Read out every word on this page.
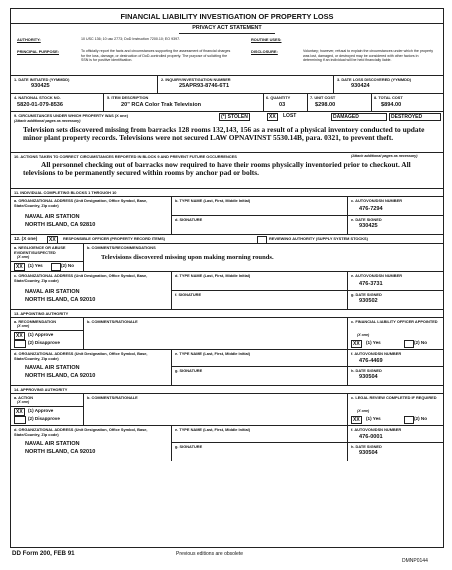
FINANCIAL LIABILITY INVESTIGATION OF PROPERTY LOSS
PRIVACY ACT STATEMENT
AUTHORITY:	10 USC 136; 10 usc 2773; DoD Instruction 7200.10; EO 9397.	ROUTINE USES:
PRINCIPAL PURPOSE:	To officially report the facts and circumstances supporting the assessment of financial charges for the loss, damage, or destruction of DoD-controlled property. The purpose of soliciting the SSN is for positive identification.
DISCLOSURE:	Voluntary; however, refusal to explain the circumstances under which the property was lost, damaged, or destroyed may be considered with other factors in determining if an individual will be held financially liable.
1. DATE INITIATED (YYMMDD)
930425
2. INQUIRY/INVESTIGATION NUMBER
25APR93-8746-6T1
3. DATE LOSS DISCOVERED (YYMMDD)
930424
4. NATIONAL STOCK NO.
5820-01-079-8536
5. ITEM DESCRIPTION
20" RCA Color Trak Television
6. QUANTITY
03
7. UNIT COST
$298.00
8. TOTAL COST
$894.00
9. CIRCUMSTANCES UNDER WHICH PROPERTY WAS (X one)
(Attach additional pages as necessary)
(*) STOLEN	XX	LOST	DAMAGED	DESTROYED
Television sets discovered missing from barracks 128 rooms 132,143, 156 as a result of a physical inventory conducted to update minor plant property records. Televisions were not secured LAW OPNAVINST 5530.14B, para. 0321, to prevent theft.
10. ACTIONS TAKEN TO CORRECT CIRCUMSTANCES REPORTED IN BLOCK 9 AND PREVENT FUTURE OCCURRENCES	(Attach additional pages as necessary)
All personnel checking out of barracks now required to have their rooms physically inventoried prior to checkout. All televisions to be permanently secured within rooms by anchor pad or bolts.
11. INDIVIDUAL COMPLETING BLOCKS 1 THROUGH 10
a. ORGANIZATIONAL ADDRESS (Unit Designation, Office Symbol, Base, State/Country, Zip code)
NAVAL AIR STATION
NORTH ISLAND, CA 92810
b. TYPE NAME (Last, First, Middle Initial)
d. SIGNATURE
c. AUTOVON/DSN NUMBER
476-7294
e. DATE SIGNED
930425
12. (X one)	XX	RESPONSIBLE OFFICER (PROPERTY RECORD ITEMS)	REVIEWING AUTHORITY (SUPPLY SYSTEM STOCKS)
a. NEGLIGENCE OR ABUSE EVIDENT/SUSPECTED
(X one)
XX	(1) Yes	(2) No
b. COMMENTS/RECOMMENDATIONS
Televisions discovered missing upon making morning rounds.
c. ORGANIZATIONAL ADDRESS (Unit Designation, Office Symbol, Base, State/Country, Zip code)
NAVAL AIR STATION
NORTH ISLAND, CA 92010
d. TYPE NAME (Last, First, Middle Initial)
f. SIGNATURE
e. AUTOVON/DSN NUMBER
476-3731
g. DATE SIGNED
930502
13. APPOINTING AUTHORITY
a. RECOMMENDATION
(X one)
XX	(1) Approve
(2) Disapprove
b. COMMENTS/RATIONALE	c. FINANCIAL LIABILITY OFFICER APPOINTED
(X one)
XX	(1) Yes	(2) No
d. ORGANIZATIONAL ADDRESS (Unit Designation, Office Symbol, Base, State/Country, Zip code)
NAVAL AIR STATION
NORTH ISLAND, CA 92010
e. TYPE NAME (Last, First, Middle Initial)
g. SIGNATURE
f. AUTOVON/DSN NUMBER
476-4469
h. DATE SIGNED
930504
14. APPROVING AUTHORITY
a. ACTION
(X one)
XX	(1) Approve
(2) Disapprove
b. COMMENTS/RATIONALE	c. LEGAL REVIEW COMPLETED IF REQUIRED
(X one)
XX	(1) Yes	(2) No
d. ORGANIZATIONAL ADDRESS (Unit Designation, Office Symbol, Base, State/Country, Zip code)
NAVAL AIR STATION
NORTH ISLAND, CA 92010
e. TYPE NAME (Last, First, Middle Initial)
g. SIGNATURE
f. AUTOVON/DSN NUMBER
476-0001
h. DATE SIGNED
930504
DD Form 200, FEB 91	Previous editions are obsolete
DMNP0144
